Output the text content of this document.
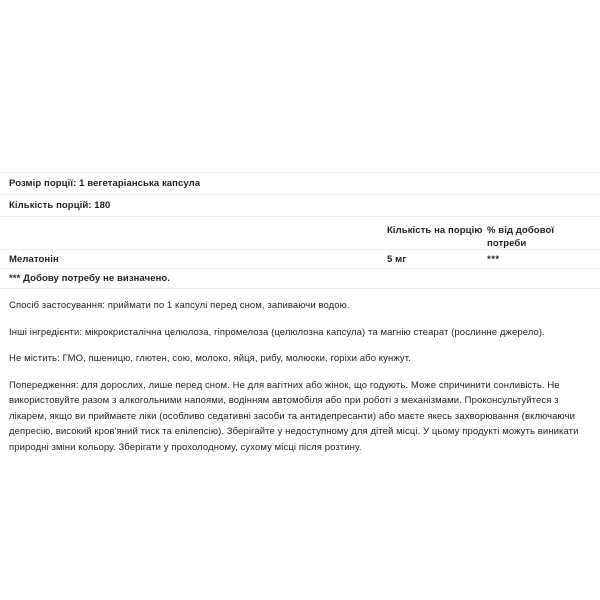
Розмір порції: 1 вегетаріанська капсула
Кількість порцій: 180
Кількість на порцію % від добової потреби
Мелатонін	5 мг	***
*** Добову потребу не визначено.

Спосіб застосування: приймати по 1 капсулі перед сном, запиваючи водою.

Інші інгредієнти: мікрокристалічна целюлоза, гіпромелоза (целюлозна капсула) та магнію стеарат (рослинне джерело).

Не містить: ГМО, пшеницю, глютен, сою, молоко, яйця, рибу, молюски, горіхи або кунжут.

Попередження: для дорослих, лише перед сном. Не для вагітних або жінок, що годують. Може спричинити сонливість. Не використовуйте разом з алкогольними напоями, водінням автомобіля або при роботі з механізмами. Проконсультуйтеся з лікарем, якщо ви приймаєте ліки (особливо седативні засоби та антидепресанти) або маєте якесь захворювання (включаючи депресію, високий кров'яний тиск та епілепсію). Зберігайте у недоступному для дітей місці. У цьому продукті можуть виникати природні зміни кольору. Зберігати у прохолодному, сухому місці після розтину.
